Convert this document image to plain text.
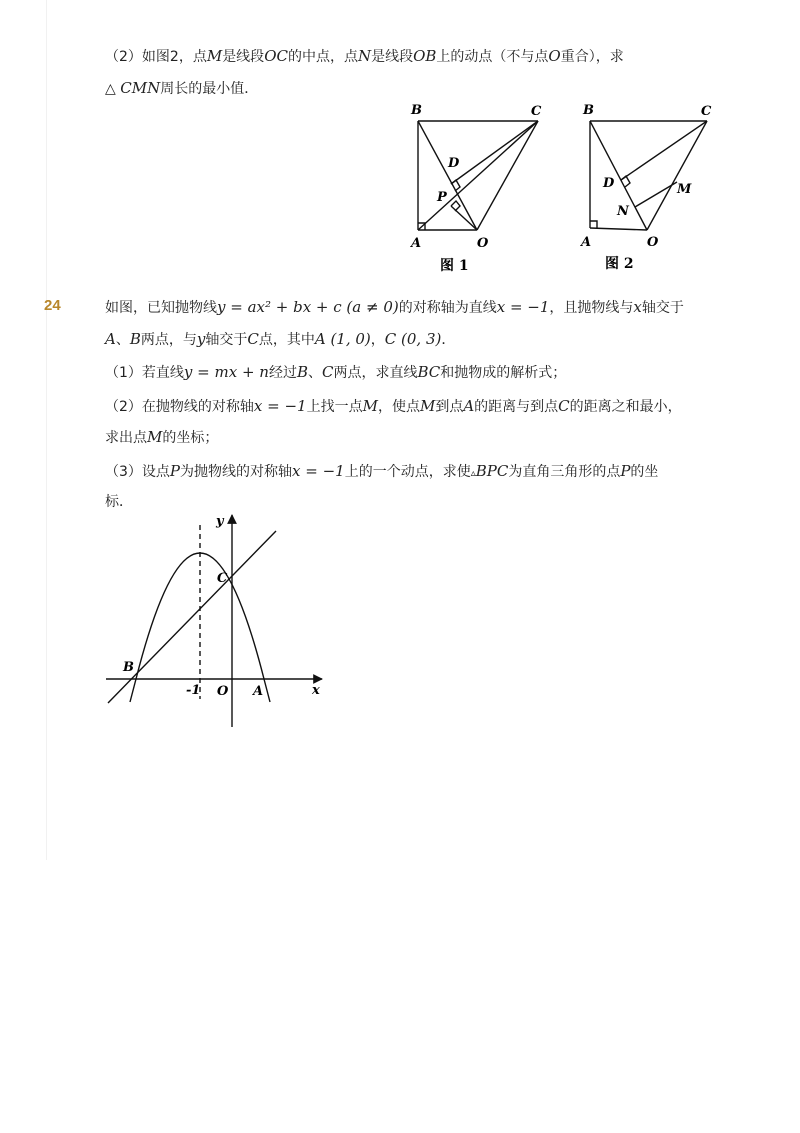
（2）如图2，点M是线段OC的中点，点N是线段OB上的动点（不与点O重合），求
△ CMN周长的最小值．
B	C
D
P
A	O
图 1
B	C
D	M
N
A	O
图 2
24	如图，已知抛物线y = ax² + bx + c (a ≠ 0)的对称轴为直线x = −1，且抛物线与x轴交于
A、B两点，与y轴交于C点，其中A (1, 0)，C (0, 3)．
（1）若直线y = mx + n经过B、C两点，求直线BC和抛物成的解析式；
（2）在抛物线的对称轴x = −1上找一点M，使点M到点A的距离与到点C的距离之和最小，
求出点M的坐标；
（3）设点P为抛物线的对称轴x = −1上的一个动点，求使▵BPC为直角三角形的点P的坐
标．
y
x
C
B
-1 O A
